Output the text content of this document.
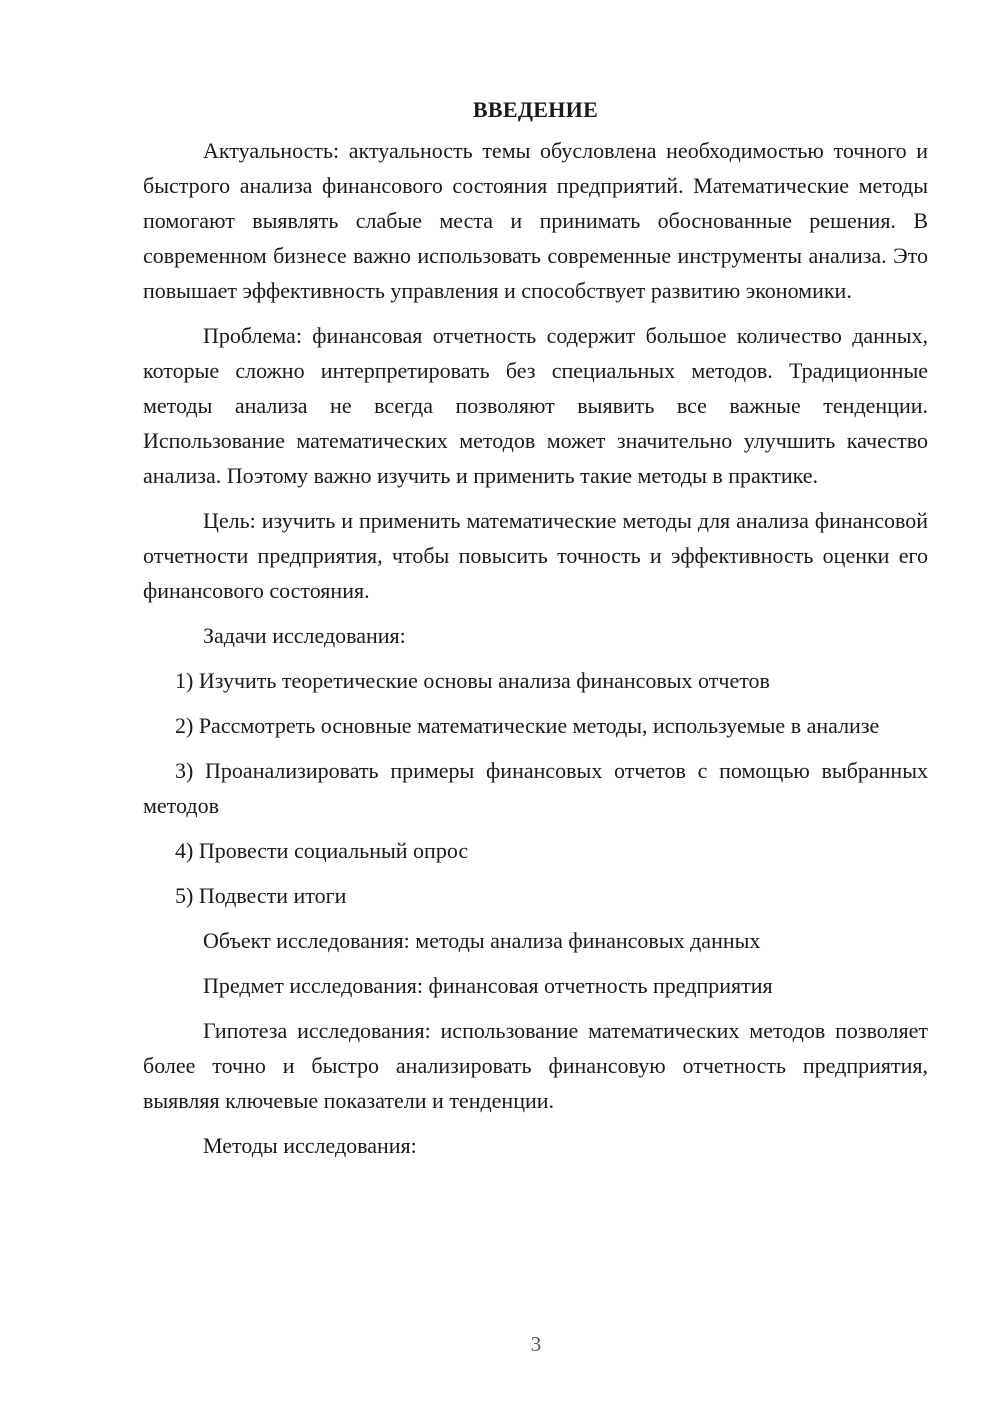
ВВЕДЕНИЕ

Актуальность: актуальность темы обусловлена необходимостью точного и быстрого анализа финансового состояния предприятий. Математические методы помогают выявлять слабые места и принимать обоснованные решения. В современном бизнесе важно использовать современные инструменты анализа. Это повышает эффективность управления и способствует развитию экономики.

Проблема: финансовая отчетность содержит большое количество данных, которые сложно интерпретировать без специальных методов. Традиционные методы анализа не всегда позволяют выявить все важные тенденции. Использование математических методов может значительно улучшить качество анализа. Поэтому важно изучить и применить такие методы в практике.

Цель: изучить и применить математические методы для анализа финансовой отчетности предприятия, чтобы повысить точность и эффективность оценки его финансового состояния.

Задачи исследования:

1) Изучить теоретические основы анализа финансовых отчетов

2) Рассмотреть основные математические методы, используемые в анализе

3) Проанализировать примеры финансовых отчетов с помощью выбранных методов

4) Провести социальный опрос

5) Подвести итоги

Объект исследования: методы анализа финансовых данных

Предмет исследования: финансовая отчетность предприятия

Гипотеза исследования: использование математических методов позволяет более точно и быстро анализировать финансовую отчетность предприятия, выявляя ключевые показатели и тенденции.

Методы исследования:

3
